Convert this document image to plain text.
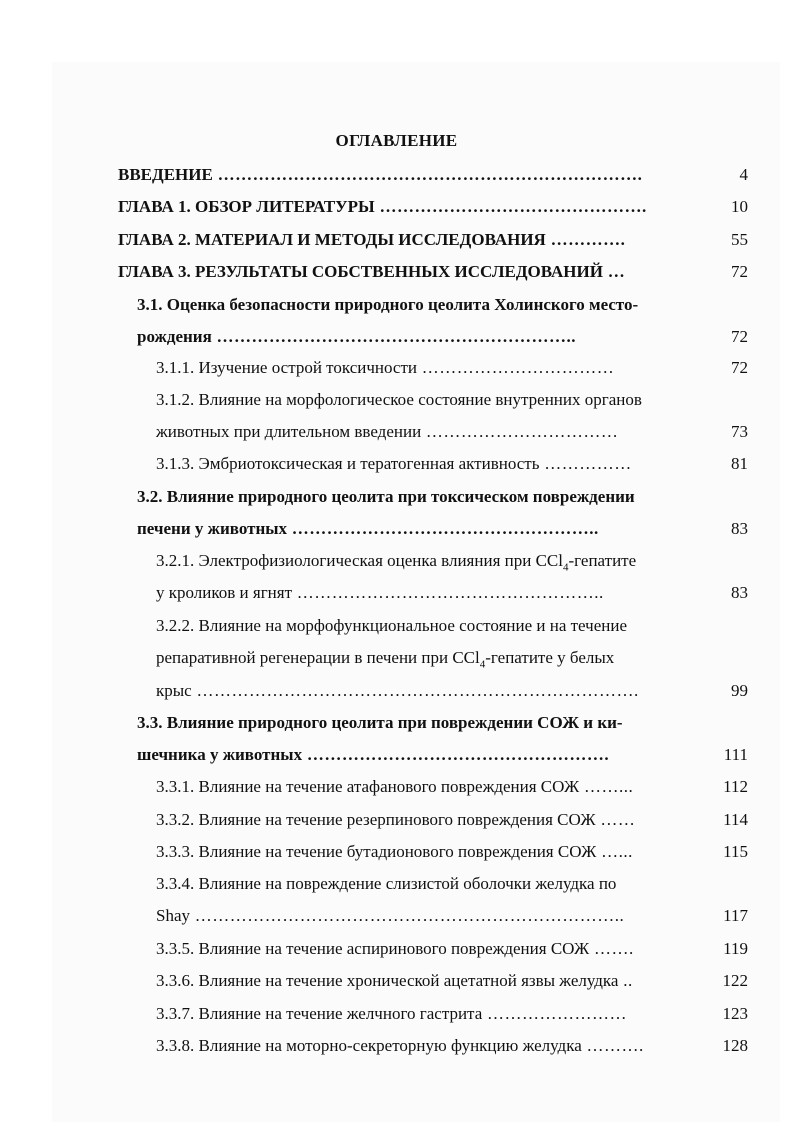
ОГЛАВЛЕНИЕ
ВВЕДЕНИЕ ……………………………………………………………….	4
ГЛАВА 1. ОБЗОР ЛИТЕРАТУРЫ ……………………………………….	10
ГЛАВА 2. МАТЕРИАЛ И МЕТОДЫ ИССЛЕДОВАНИЯ ………….	55
ГЛАВА 3. РЕЗУЛЬТАТЫ СОБСТВЕННЫХ ИССЛЕДОВАНИЙ …	72
3.1. Оценка безопасности природного цеолита Холинского место-
рождения ……………………………………………………..	72
3.1.1. Изучение острой токсичности ……………………………	72
3.1.2. Влияние на морфологическое состояние внутренних органов
животных при длительном введении ……………………………	73
3.1.3. Эмбриотоксическая и тератогенная активность ……………	81
3.2. Влияние природного цеолита при токсическом повреждении
печени у животных ……………………………………………..	83
3.2.1. Электрофизиологическая оценка влияния при CCl$_4$-гепатите
у кроликов и ягнят ……………………………………………..	83
3.2.2. Влияние на морфофункциональное состояние и на течение
репаративной регенерации в печени при CCl$_4$-гепатите у белых
крыс ………………………………………………………………….	99
3.3. Влияние природного цеолита при повреждении СОЖ и ки-
шечника у животных …………………………………………….	111
3.3.1. Влияние на течение атафанового повреждения СОЖ ……...	112
3.3.2. Влияние на течение резерпинового повреждения СОЖ ……	114
3.3.3. Влияние на течение бутадионового повреждения СОЖ …...	115
3.3.4. Влияние на повреждение слизистой оболочки желудка по
Shay ………………………………………………………………..	117
3.3.5. Влияние на течение аспиринового повреждения СОЖ …….	119
3.3.6. Влияние на течение хронической ацетатной язвы желудка ..	122
3.3.7. Влияние на течение желчного гастрита ……………………	123
3.3.8. Влияние на моторно-секреторную функцию желудка ……….	128
